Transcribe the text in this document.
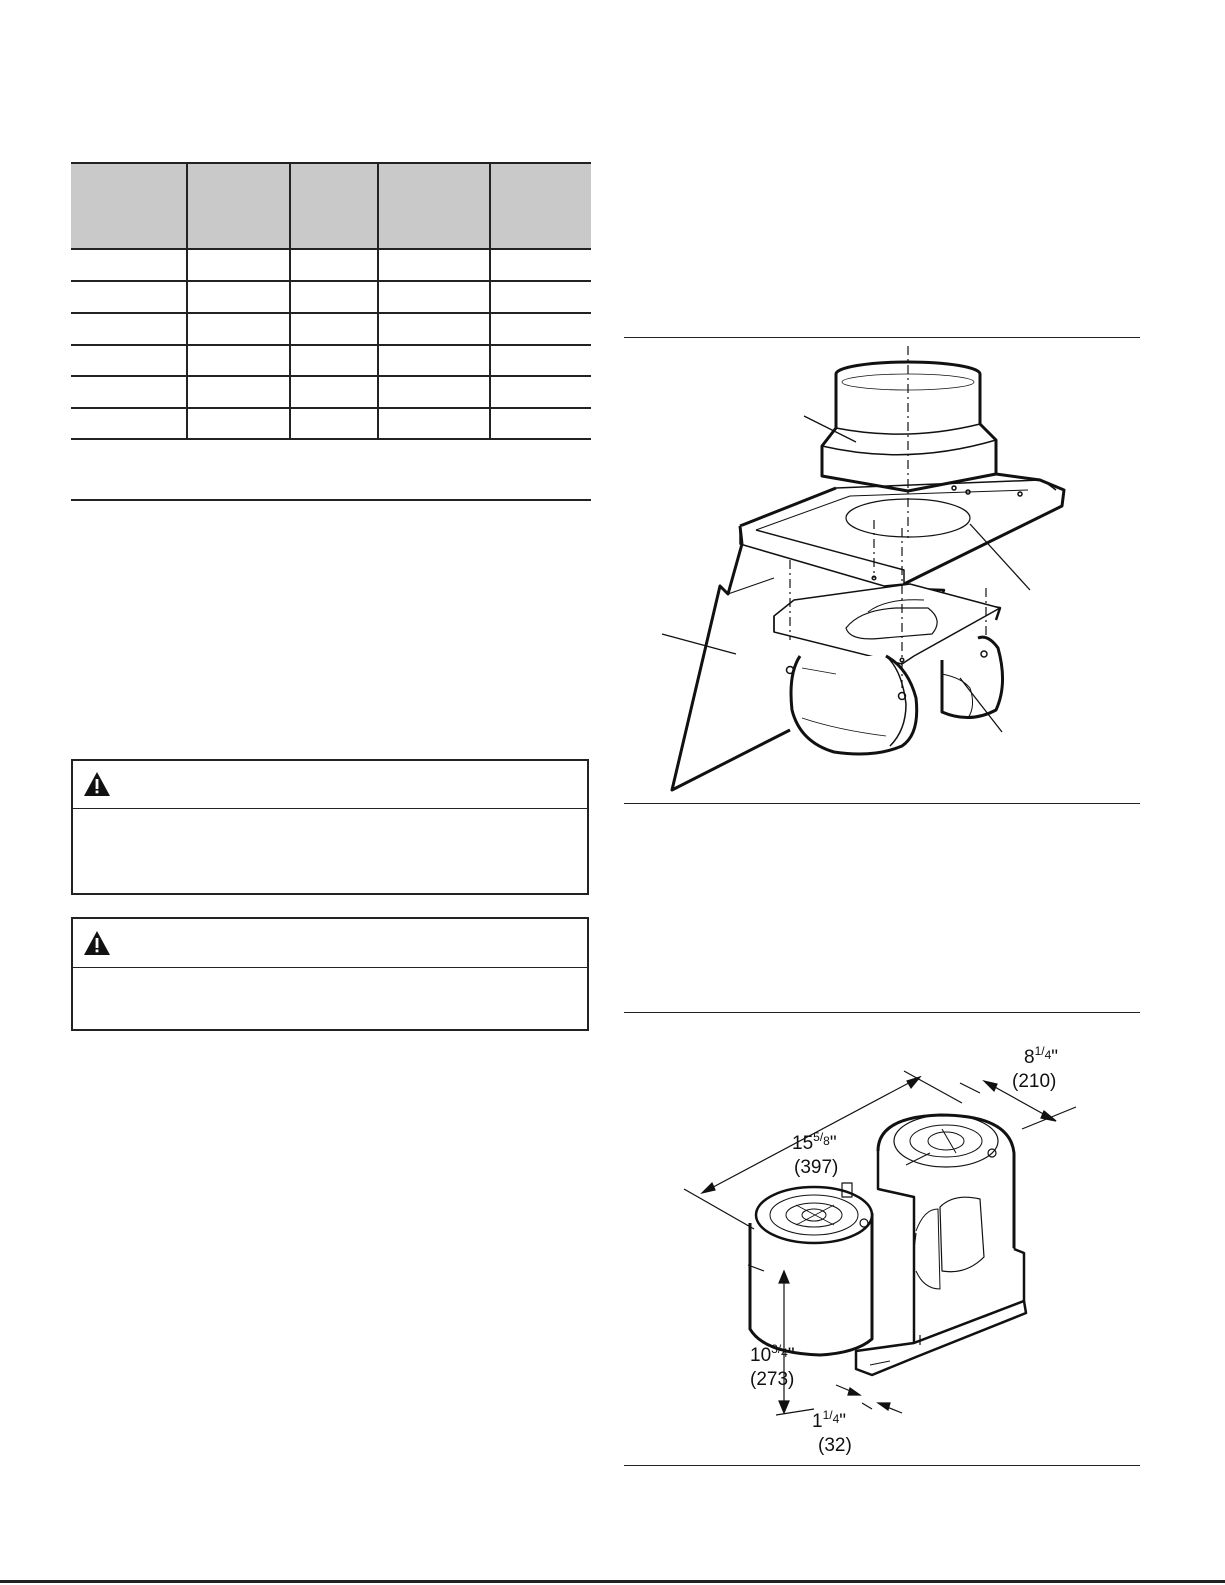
$15^5/_8$"
(397)
$8^1/_4$"
(210)
$10^3/_4$"
(273)
$1^1/_4$"
(32)
